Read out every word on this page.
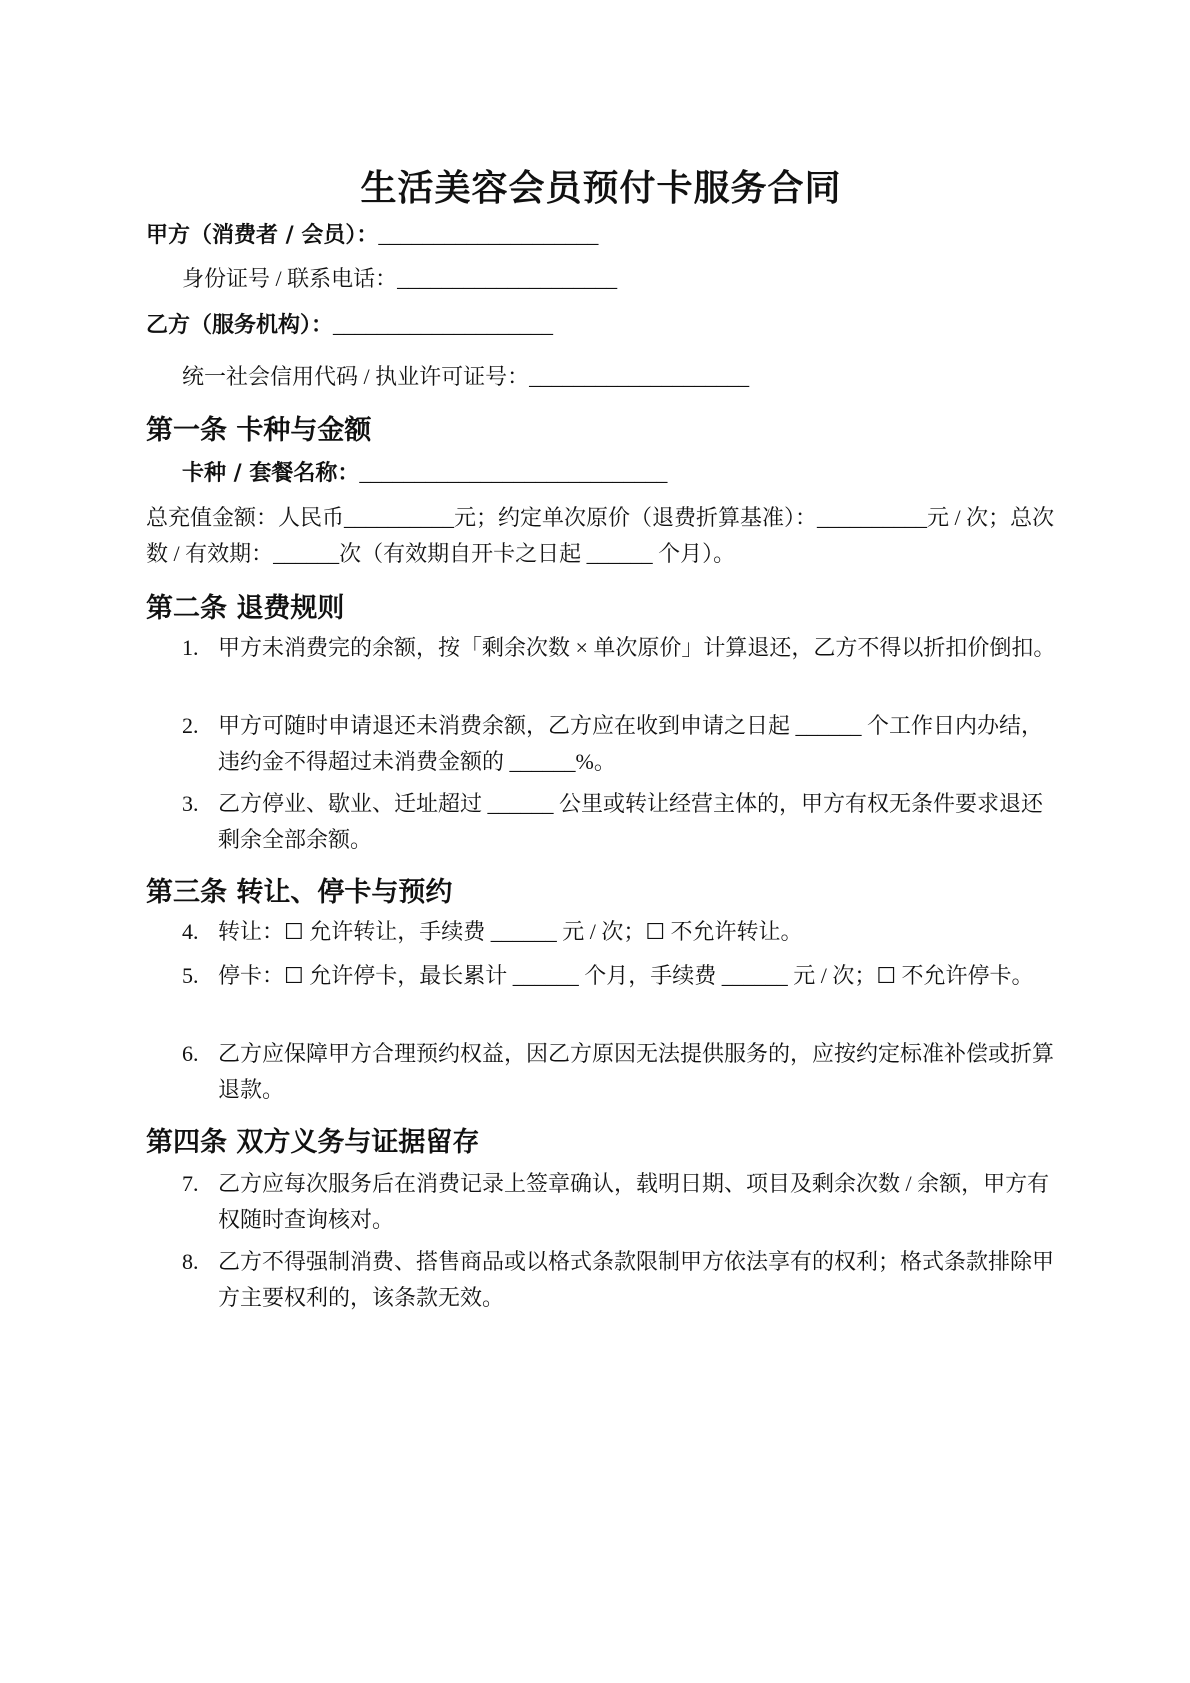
生活美容会员预付卡服务合同
甲方（消费者 / 会员）：____________________
身份证号 / 联系电话：____________________
乙方（服务机构）：____________________
统一社会信用代码 / 执业许可证号：____________________
第一条 卡种与金额
卡种 / 套餐名称：____________________________
总充值金额：人民币__________元；约定单次原价（退费折算基准）：__________元 / 次；总次数 / 有效期：______次（有效期自开卡之日起 ______ 个月）。
第二条 退费规则
1. 甲方未消费完的余额，按「剩余次数 × 单次原价」计算退还，乙方不得以折扣价倒扣。
2. 甲方可随时申请退还未消费余额，乙方应在收到申请之日起 ______ 个工作日内办结，违约金不得超过未消费金额的 ______%。
3. 乙方停业、歇业、迁址超过 ______ 公里或转让经营主体的，甲方有权无条件要求退还剩余全部余额。
第三条 转让、停卡与预约
4. 转让：☐ 允许转让，手续费 ______ 元 / 次；☐ 不允许转让。
5. 停卡：☐ 允许停卡，最长累计 ______ 个月，手续费 ______ 元 / 次；☐ 不允许停卡。
6. 乙方应保障甲方合理预约权益，因乙方原因无法提供服务的，应按约定标准补偿或折算退款。
第四条 双方义务与证据留存
7. 乙方应每次服务后在消费记录上签章确认，载明日期、项目及剩余次数 / 余额，甲方有权随时查询核对。
8. 乙方不得强制消费、搭售商品或以格式条款限制甲方依法享有的权利；格式条款排除甲方主要权利的，该条款无效。
